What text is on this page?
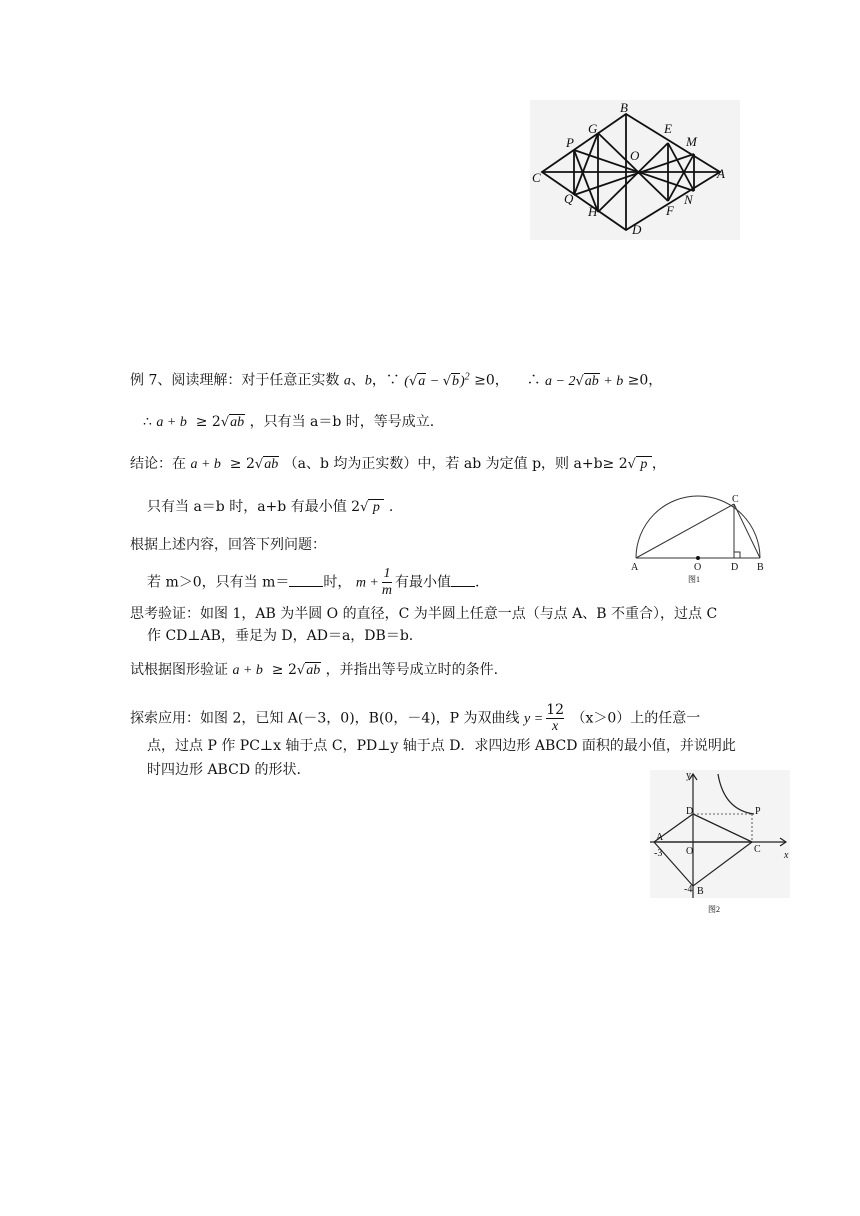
B
P
G	E
M
O
C	A
Q
H	F
N
D
例 7、阅读理解：对于任意正实数 a、b，∵ $(√a - √b)^2 \ge 0$， ∴ a − 2√ab + b ≥0，
∴ a + b  ≥ 2√ab ，只有当 a＝b 时，等号成立.
结论：在 a + b  ≥ 2√ab （a、b 均为正实数）中，若 ab 为定值 p，则 a+b≥ 2√ p ，
只有当 a＝b 时，a+b 有最小值 2√ p  .
A	O	D B
C
图1
根据上述内容，回答下列问题：
若 m＞0，只有当 m＝ 时， $m + \frac{1}{m}$ 有最小值 .
思考验证：如图 1，AB 为半圆 O 的直径，C 为半圆上任意一点（与点 A、B 不重合），过点 C
作 CD⊥AB，垂足为 D，AD＝a，DB＝b.
试根据图形验证 a + b  ≥ 2√ab ，并指出等号成立时的条件.
探索应用：如图 2，已知 A(－3，0)，B(0，－4)，P 为双曲线 $y = \frac{12}{x} (x>0)$上的任意一
点，过点 P 作 PC⊥x 轴于点 C，PD⊥y 轴于点 D．求四边形 ABCD 面积的最小值，并说明此
时四边形 ABCD 的形状.	y
x
D	P
A
O	C
-3
-4 B
图2
